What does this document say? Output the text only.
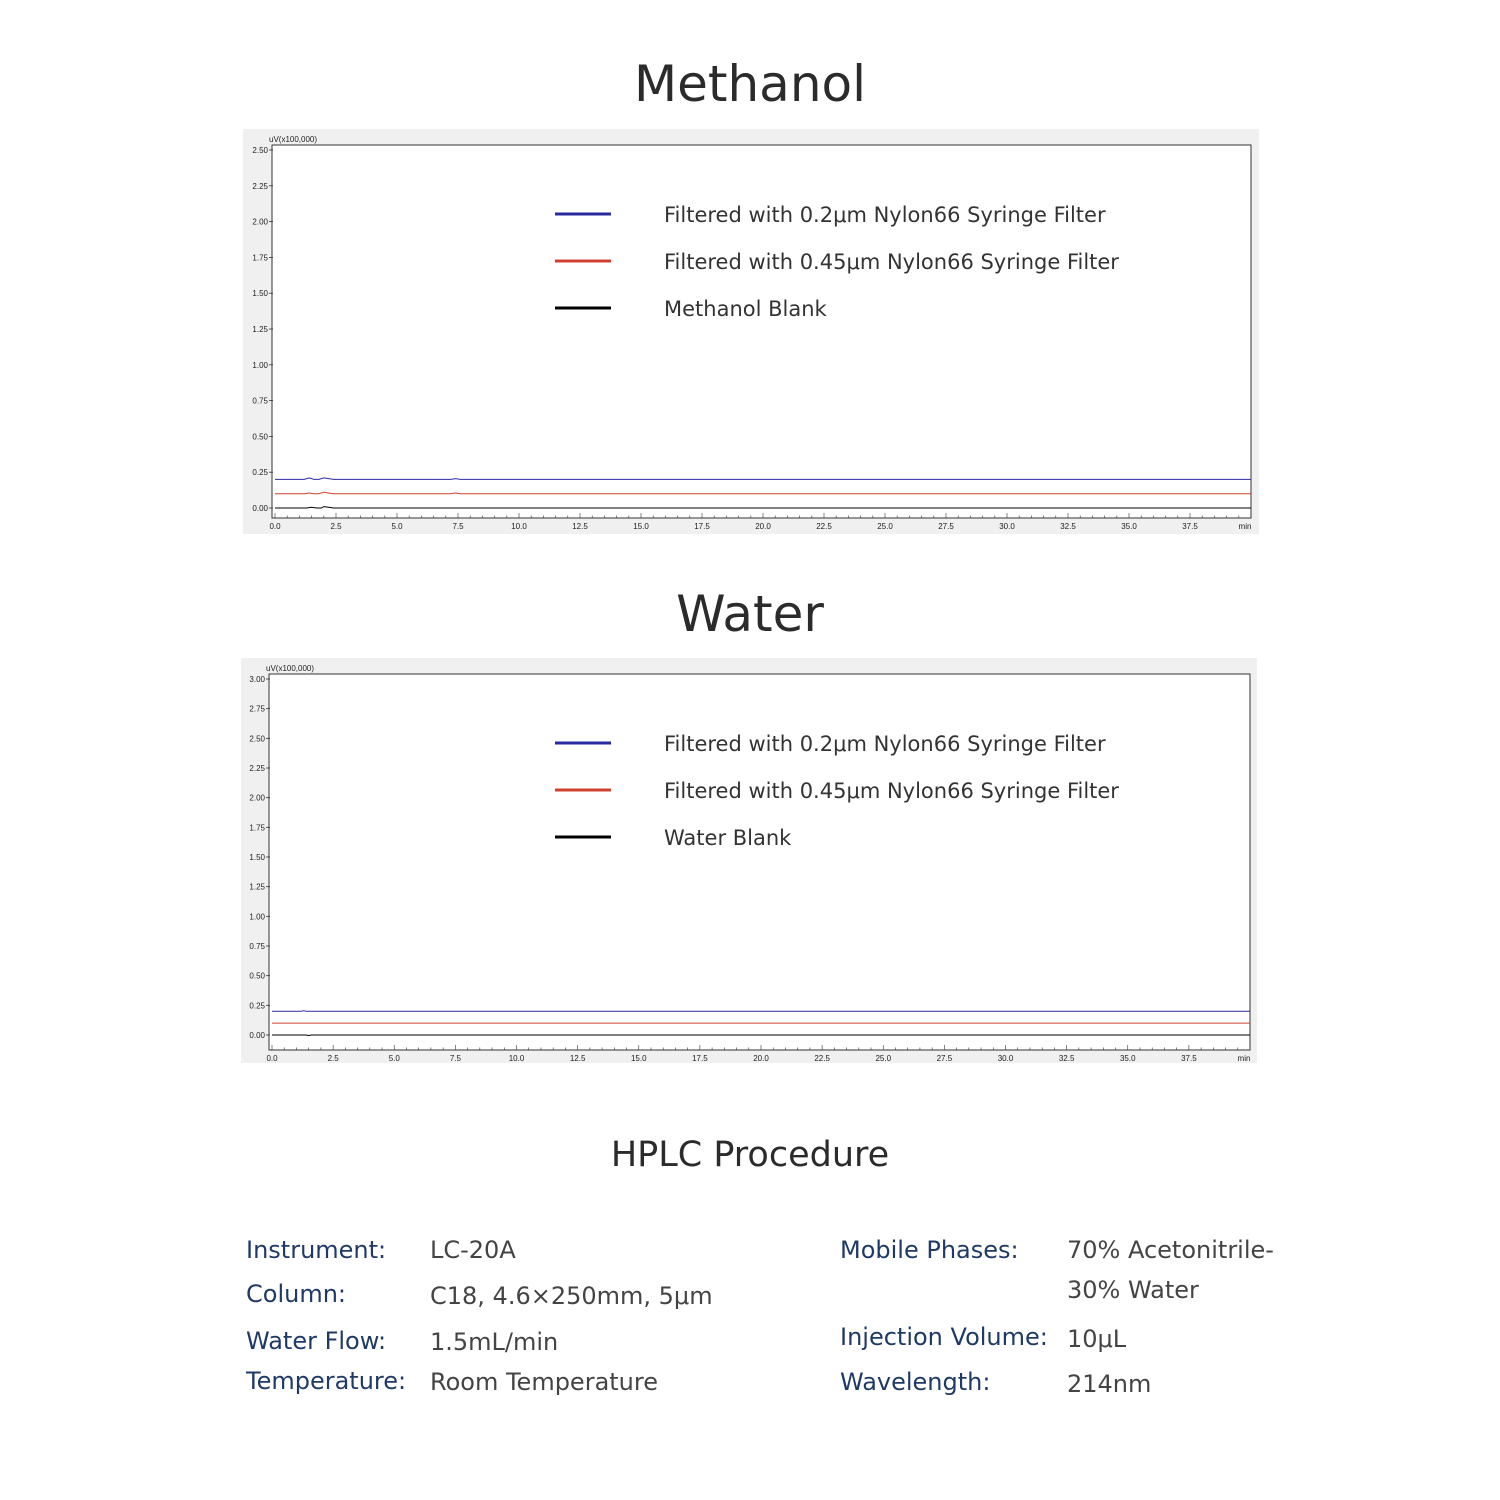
Methanol
Water
uV(x100,000)
0.00
0.25
0.50
0.75
1.00
1.25
1.50
1.75
2.00
2.25
2.50
0.0	2.5	5.0	7.5	10.0	12.5	15.0	17.5	20.0	22.5	25.0	27.5	30.0	32.5	35.0	37.5	min
Filtered with 0.2μm Nylon66 Syringe Filter
Filtered with 0.45μm Nylon66 Syringe Filter
Methanol Blank
uV(x100,000)
0.00
0.25
0.50
0.75
1.00
1.25
1.50
1.75
2.00
2.25
2.50
2.75
3.00
0.0	2.5	5.0	7.5	10.0	12.5	15.0	17.5	20.0	22.5	25.0	27.5	30.0	32.5	35.0	37.5	min
Filtered with 0.2μm Nylon66 Syringe Filter
Filtered with 0.45μm Nylon66 Syringe Filter
Water Blank
HPLC Procedure
Instrument: LC-20A
Column:	C18, 4.6×250mm, 5μm
Water Flow: 1.5mL/min
Temperature: Room Temperature
Mobile Phases: 70% Acetonitrile-
30% Water
Injection Volume: 10μL
Wavelength:	214nm
